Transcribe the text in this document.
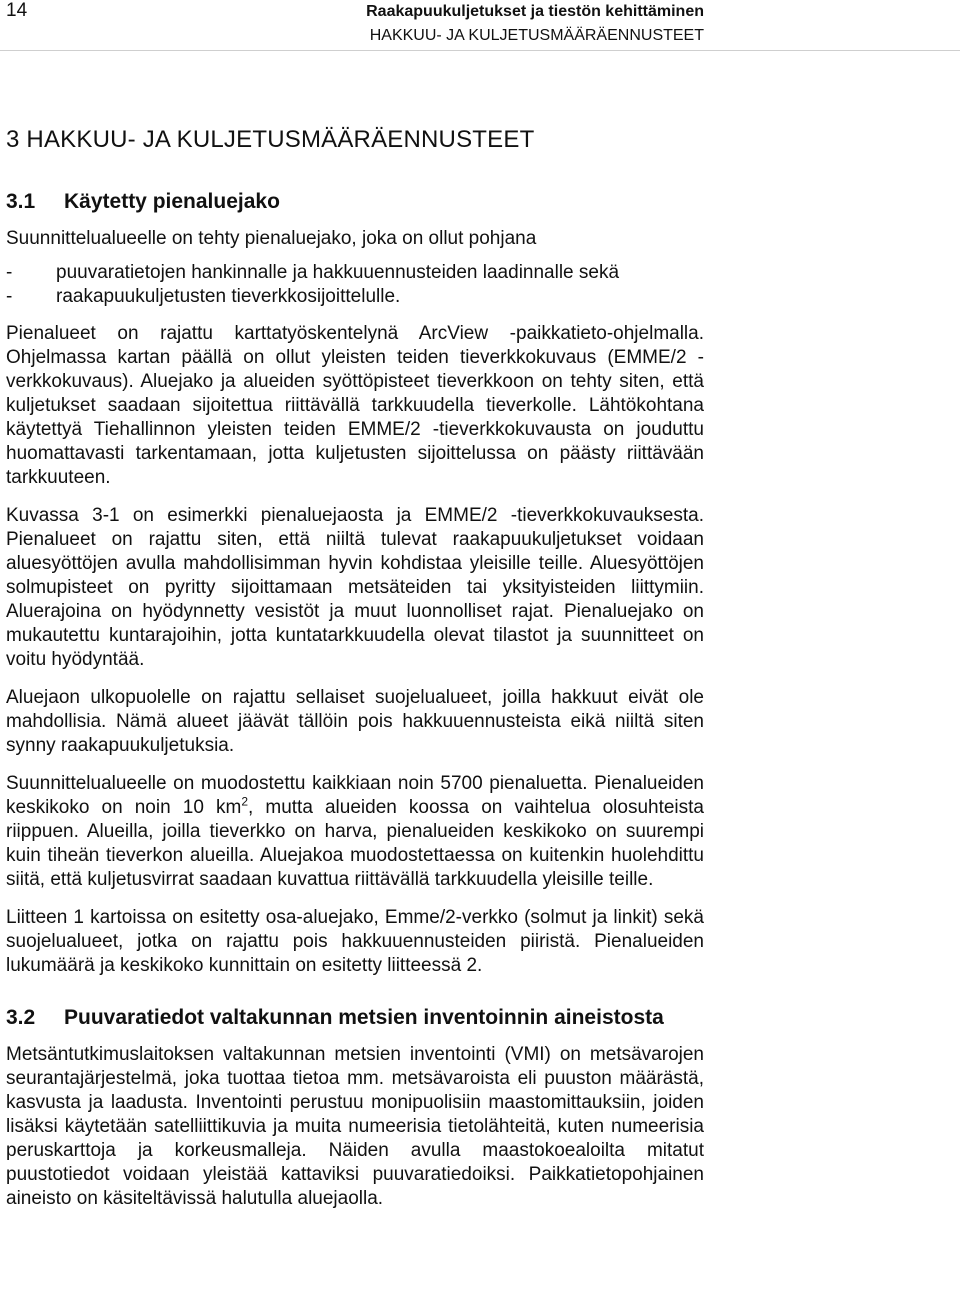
14	Raakapuukuljetukset ja tiestön kehittäminen
HAKKUU- JA KULJETUSMÄÄRÄENNUSTEET
3 HAKKUU- JA KULJETUSMÄÄRÄENNUSTEET
3.1 Käytetty pienaluejako

Suunnittelualueelle on tehty pienaluejako, joka on ollut pohjana

- puuvaratietojen hankinnalle ja hakkuuennusteiden laadinnalle sekä
- raakapuukuljetusten tieverkkosijoittelulle.

Pienalueet on rajattu karttatyöskentelynä ArcView -paikkatieto-ohjelmalla. Ohjelmassa kartan päällä on ollut yleisten teiden tieverkkokuvaus (EMME/2 -verkkokuvaus). Aluejako ja alueiden syöttöpisteet tieverkkoon on tehty siten, että kuljetukset saadaan sijoitettua riittävällä tarkkuudella tieverkolle. Lähtökohtana käytettyä Tiehallinnon yleisten teiden EMME/2 -tieverkkokuvausta on jouduttu huomattavasti tarkentamaan, jotta kuljetusten sijoittelussa on päästy riittävään tarkkuuteen.

Kuvassa 3-1 on esimerkki pienaluejaosta ja EMME/2 -tieverkkokuvauksesta. Pienalueet on rajattu siten, että niiltä tulevat raakapuukuljetukset voidaan aluesyöttöjen avulla mahdollisimman hyvin kohdistaa yleisille teille. Aluesyöttöjen solmupisteet on pyritty sijoittamaan metsäteiden tai yksityisteiden liittymiin. Aluerajoina on hyödynnetty vesistöt ja muut luonnolliset rajat. Pienaluejako on mukautettu kuntarajoihin, jotta kuntatarkkuudella olevat tilastot ja suunnitteet on voitu hyödyntää.

Aluejaon ulkopuolelle on rajattu sellaiset suojelualueet, joilla hakkuut eivät ole mahdollisia. Nämä alueet jäävät tällöin pois hakkuuennusteista eikä niiltä siten synny raakapuukuljetuksia.

Suunnittelualueelle on muodostettu kaikkiaan noin 5700 pienaluetta. Pienalueiden keskikoko on noin 10 $km^2$, mutta alueiden koossa on vaihtelua olosuhteista riippuen. Alueilla, joilla tieverkko on harva, pienalueiden keskikoko on suurempi kuin tiheän tieverkon alueilla. Aluejakoa muodostettaessa on kuitenkin huolehdittu siitä, että kuljetusvirrat saadaan kuvattua riittävällä tarkkuudella yleisille teille.

Liitteen 1 kartoissa on esitetty osa-aluejako, Emme/2-verkko (solmut ja linkit) sekä suojelualueet, jotka on rajattu pois hakkuuennusteiden piiristä. Pienalueiden lukumäärä ja keskikoko kunnittain on esitetty liitteessä 2.

3.2 Puuvaratiedot valtakunnan metsien inventoinnin aineistosta

Metsäntutkimuslaitoksen valtakunnan metsien inventointi (VMI) on metsävarojen seurantajärjestelmä, joka tuottaa tietoa mm. metsävaroista eli puuston määrästä, kasvusta ja laadusta. Inventointi perustuu monipuolisiin maastomittauksiin, joiden lisäksi käytetään satelliittikuvia ja muita numeerisia tietolähteitä, kuten numeerisia peruskarttoja ja korkeusmalleja. Näiden avulla maastokoealoilta mitatut puustotiedot voidaan yleistää kattaviksi puuvaratiedoiksi. Paikkatietopohjainen aineisto on käsiteltävissä halutulla aluejaolla.
